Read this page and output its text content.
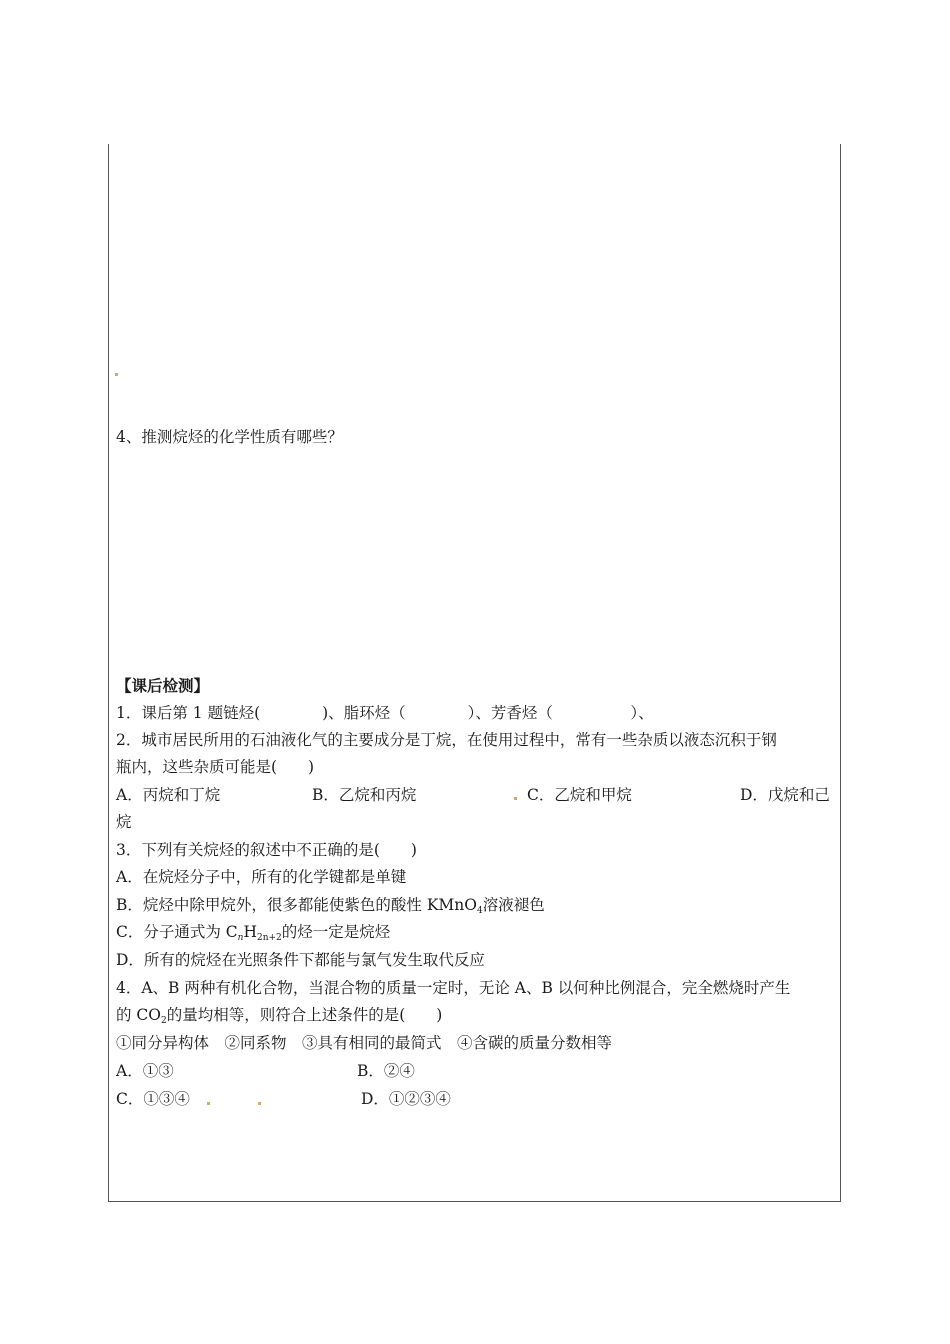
4、推测烷烃的化学性质有哪些？
【课后检测】
1．课后第 1 题链烃(　　　　)、脂环烃（　　　　）、芳香烃（　　　　　）、
2．城市居民所用的石油液化气的主要成分是丁烷，在使用过程中，常有一些杂质以液态沉积于钢
瓶内，这些杂质可能是(　　)
A．丙烷和丁烷	B．乙烷和丙烷	C．乙烷和甲烷	D．戊烷和己
烷
3．下列有关烷烃的叙述中不正确的是(　　)
A．在烷烃分子中，所有的化学键都是单键
B．烷烃中除甲烷外，很多都能使紫色的酸性 KMnO$_4$溶液褪色
C．分子通式为 CnH$_{2n+2}$的烃一定是烷烃
D．所有的烷烃在光照条件下都能与氯气发生取代反应
4．A、B 两种有机化合物，当混合物的质量一定时，无论 A、B 以何种比例混合，完全燃烧时产生
的 $CO_2$的量均相等，则符合上述条件的是(　　)
①同分异构体　②同系物　③具有相同的最简式　④含碳的质量分数相等
A．①③	B．②④
C．①③④	D．①②③④
